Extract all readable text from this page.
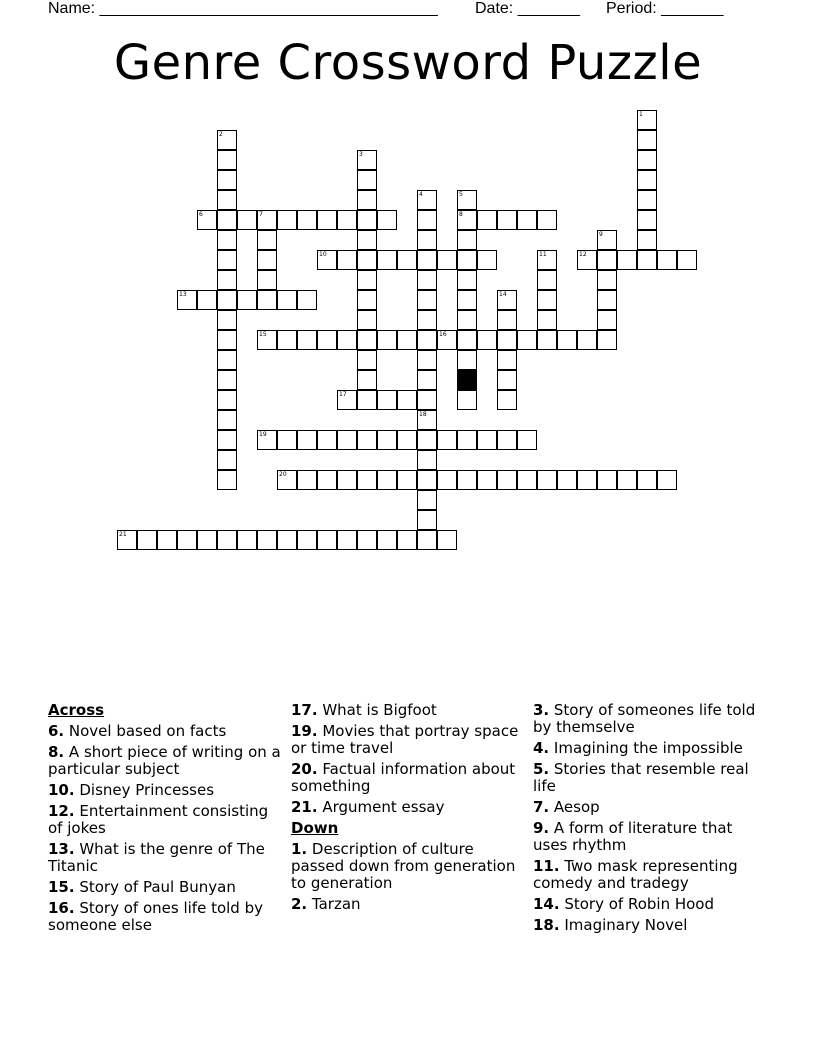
Name: ______________________________________ Date: _______ Period: _______
Genre Crossword Puzzle
1
2
3
4
18
5
8
6	7
9
10	11	12
13	14
15	16
17
19
20
21
Across
6. Novel based on facts
8. A short piece of writing on a particular subject
10. Disney Princesses
12. Entertainment consisting of jokes
13. What is the genre of The Titanic
15. Story of Paul Bunyan
16. Story of ones life told by someone else
17. What is Bigfoot
19. Movies that portray space or time travel
20. Factual information about something
21. Argument essay
Down
1. Description of culture passed down from generation to generation
2. Tarzan
3. Story of someones life told by themselve
4. Imagining the impossible
5. Stories that resemble real life
7. Aesop
9. A form of literature that uses rhythm
11. Two mask representing comedy and tradegy
14. Story of Robin Hood
18. Imaginary Novel
